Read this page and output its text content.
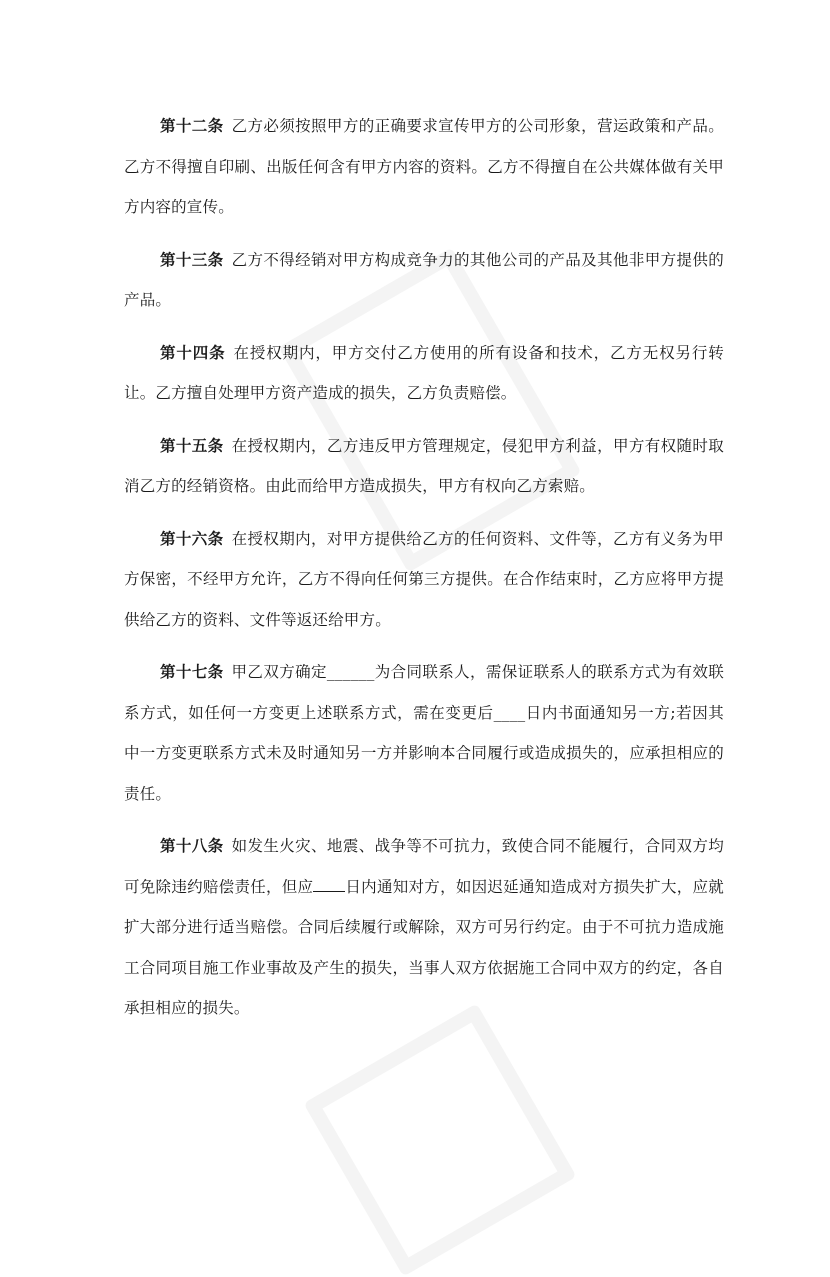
第十二条 乙方必须按照甲方的正确要求宣传甲方的公司形象，营运政策和产品。乙方不得擅自印刷、出版任何含有甲方内容的资料。乙方不得擅自在公共媒体做有关甲方内容的宣传。

第十三条 乙方不得经销对甲方构成竞争力的其他公司的产品及其他非甲方提供的产品。

第十四条 在授权期内，甲方交付乙方使用的所有设备和技术，乙方无权另行转让。乙方擅自处理甲方资产造成的损失，乙方负责赔偿。

第十五条 在授权期内，乙方违反甲方管理规定，侵犯甲方利益，甲方有权随时取消乙方的经销资格。由此而给甲方造成损失，甲方有权向乙方索赔。

第十六条 在授权期内，对甲方提供给乙方的任何资料、文件等，乙方有义务为甲方保密，不经甲方允许，乙方不得向任何第三方提供。在合作结束时，乙方应将甲方提供给乙方的资料、文件等返还给甲方。

第十七条 甲乙双方确定______为合同联系人，需保证联系人的联系方式为有效联系方式，如任何一方变更上述联系方式，需在变更后____日内书面通知另一方;若因其中一方变更联系方式未及时通知另一方并影响本合同履行或造成损失的，应承担相应的责任。

第十八条 如发生火灾、地震、战争等不可抗力，致使合同不能履行，合同双方均可免除违约赔偿责任，但应 日内通知对方，如因迟延通知造成对方损失扩大，应就扩大部分进行适当赔偿。合同后续履行或解除，双方可另行约定。由于不可抗力造成施工合同项目施工作业事故及产生的损失，当事人双方依据施工合同中双方的约定，各自承担相应的损失。
